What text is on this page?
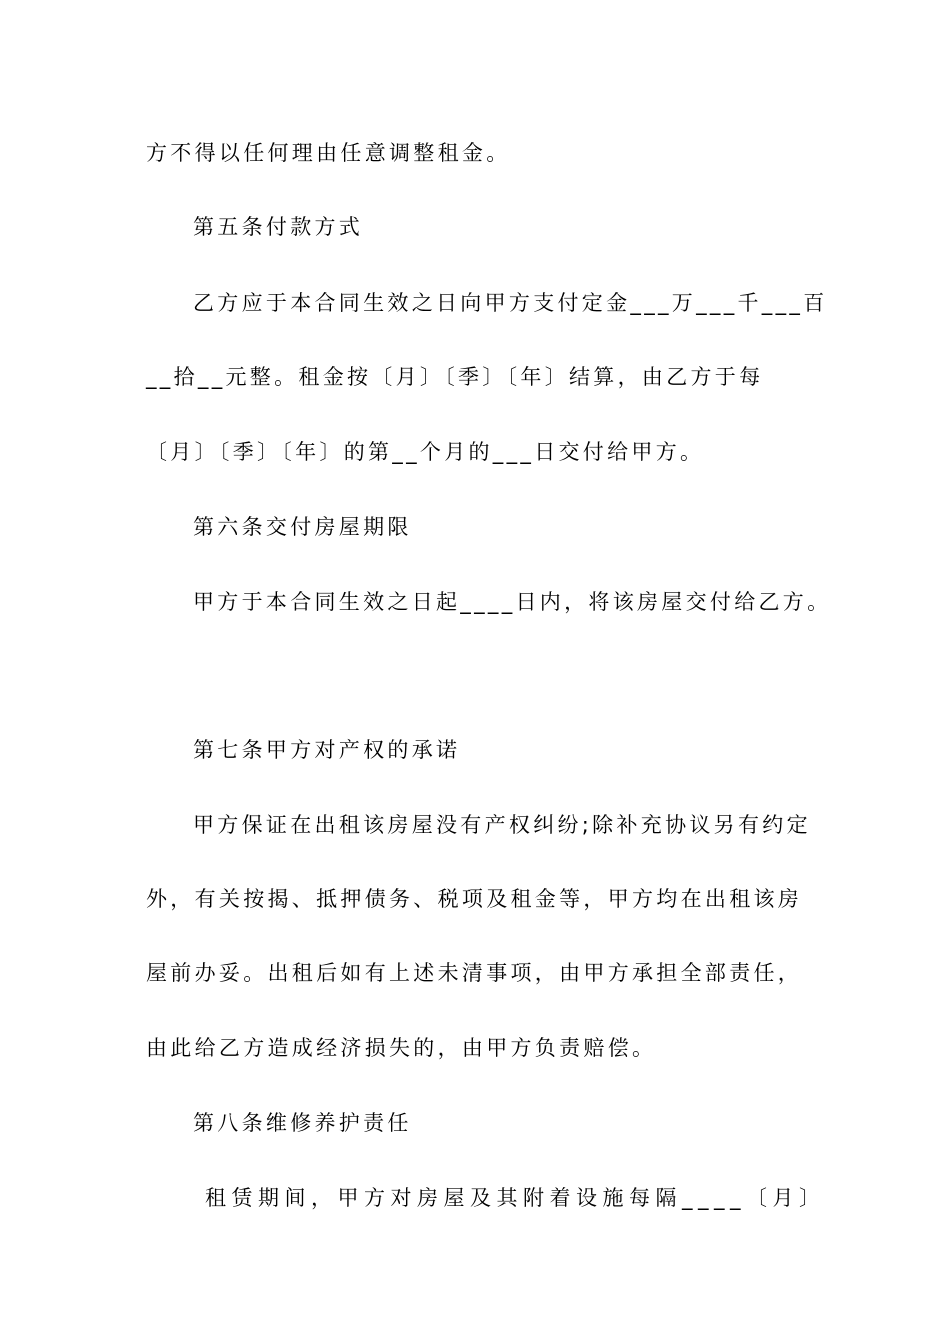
方不得以任何理由任意调整租金。
第五条付款方式
乙方应于本合同生效之日向甲方支付定金___万___千___百
__拾__元整。租金按〔月〕〔季〕〔年〕结算，由乙方于每
〔月〕〔季〕〔年〕的第__个月的___日交付给甲方。
第六条交付房屋期限
甲方于本合同生效之日起____日内，将该房屋交付给乙方。
第七条甲方对产权的承诺
甲方保证在出租该房屋没有产权纠纷;除补充协议另有约定
外，有关按揭、抵押债务、税项及租金等，甲方均在出租该房
屋前办妥。出租后如有上述未清事项，由甲方承担全部责任，
由此给乙方造成经济损失的，由甲方负责赔偿。
第八条维修养护责任
租赁期间，甲方对房屋及其附着设施每隔____〔月〕
